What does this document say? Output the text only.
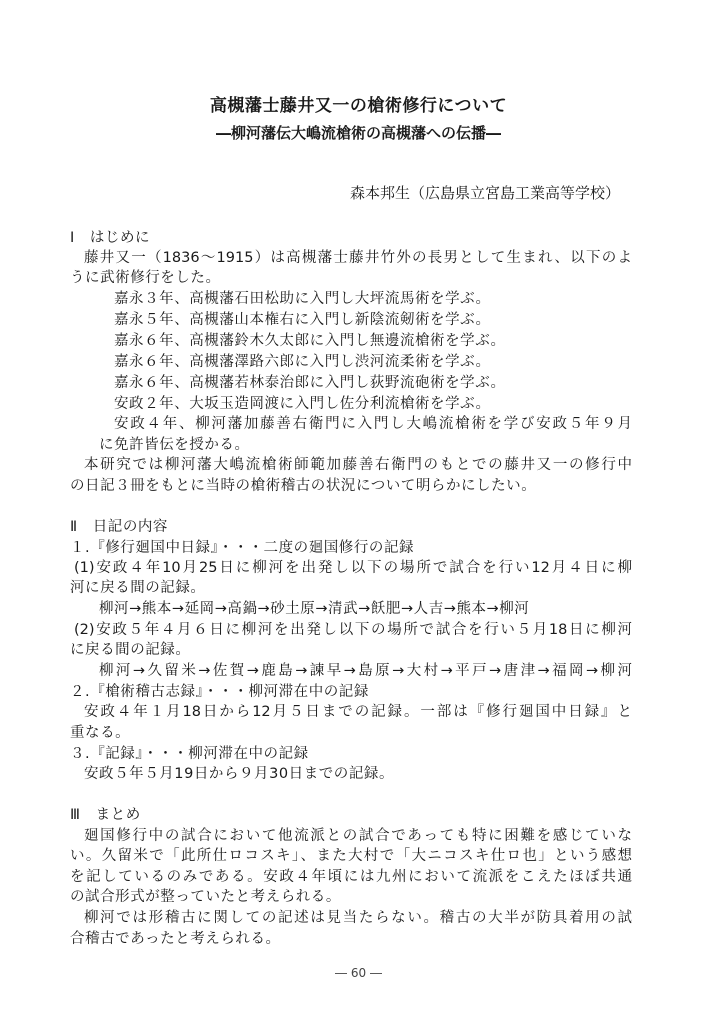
高槻藩士藤井又一の槍術修行について
―柳河藩伝大嶋流槍術の高槻藩への伝播―
森本邦生（広島県立宮島工業高等学校）
Ⅰ　はじめに
藤井又一（1836～1915）は高槻藩士藤井竹外の長男として生まれ、以下のよ
うに武術修行をした。
嘉永３年、高槻藩石田松助に入門し大坪流馬術を学ぶ。
嘉永５年、高槻藩山本権右に入門し新陰流剱術を学ぶ。
嘉永６年、高槻藩鈴木久太郎に入門し無邊流槍術を学ぶ。
嘉永６年、高槻藩澤路六郎に入門し渋河流柔術を学ぶ。
嘉永６年、高槻藩若林泰治郎に入門し荻野流砲術を学ぶ。
安政２年、大坂玉造岡渡に入門し佐分利流槍術を学ぶ。
安政４年、柳河藩加藤善右衛門に入門し大嶋流槍術を学び安政５年９月
に免許皆伝を授かる。
本研究では柳河藩大嶋流槍術師範加藤善右衛門のもとでの藤井又一の修行中
の日記３冊をもとに当時の槍術稽古の状況について明らかにしたい。
Ⅱ　日記の内容
１.『修行廻国中日録』・・・二度の廻国修行の記録
(1)安政４年10月25日に柳河を出発し以下の場所で試合を行い12月４日に柳
河に戻る間の記録。
柳河→熊本→延岡→高鍋→砂土原→清武→飫肥→人吉→熊本→柳河
(2)安政５年４月６日に柳河を出発し以下の場所で試合を行い５月18日に柳河
に戻る間の記録。
柳河→久留米→佐賀→鹿島→諫早→島原→大村→平戸→唐津→福岡→柳河
２.『槍術稽古志録』・・・柳河滞在中の記録
安政４年１月18日から12月５日までの記録。一部は『修行廻国中日録』と
重なる。
３.『記録』・・・柳河滞在中の記録
安政５年５月19日から９月30日までの記録。
Ⅲ　まとめ
廻国修行中の試合において他流派との試合であっても特に困難を感じていな
い。久留米で「此所仕ロコスキ」、また大村で「大ニコスキ仕ロ也」という感想
を記しているのみである。安政４年頃には九州において流派をこえたほぼ共通
の試合形式が整っていたと考えられる。
柳河では形稽古に関しての記述は見当たらない。稽古の大半が防具着用の試
合稽古であったと考えられる。
― 60 ―
